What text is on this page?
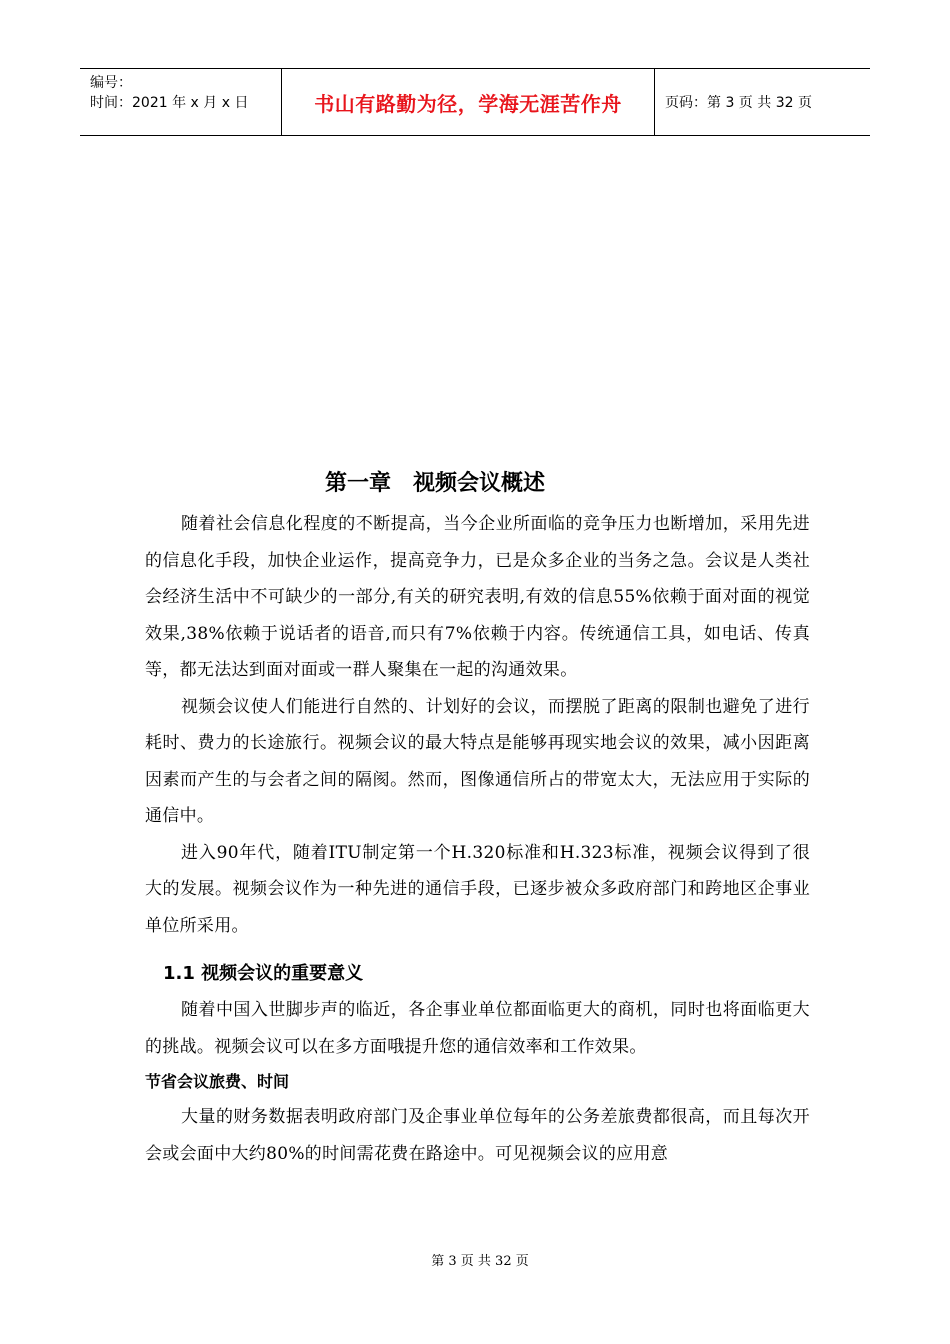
编号：
时间：2021 年 x 月 x 日	书山有路勤为径，学海无涯苦作舟	页码：第 3 页 共 32 页
第一章　视频会议概述

随着社会信息化程度的不断提高，当今企业所面临的竞争压力也断增加，采用先进的信息化手段，加快企业运作，提高竞争力，已是众多企业的当务之急。会议是人类社会经济生活中不可缺少的一部分,有关的研究表明,有效的信息55%依赖于面对面的视觉效果,38%依赖于说话者的语音,而只有7%依赖于内容。传统通信工具，如电话、传真等，都无法达到面对面或一群人聚集在一起的沟通效果。

视频会议使人们能进行自然的、计划好的会议，而摆脱了距离的限制也避免了进行耗时、费力的长途旅行。视频会议的最大特点是能够再现实地会议的效果，减小因距离因素而产生的与会者之间的隔阂。然而，图像通信所占的带宽太大，无法应用于实际的通信中。

进入90年代，随着ITU制定第一个H.320标准和H.323标准，视频会议得到了很大的发展。视频会议作为一种先进的通信手段，已逐步被众多政府部门和跨地区企事业单位所采用。

1.1 视频会议的重要意义

随着中国入世脚步声的临近，各企事业单位都面临更大的商机，同时也将面临更大的挑战。视频会议可以在多方面哦提升您的通信效率和工作效果。

节省会议旅费、时间

大量的财务数据表明政府部门及企事业单位每年的公务差旅费都很高，而且每次开会或会面中大约80%的时间需花费在路途中。可见视频会议的应用意

第 3 页 共 32 页
